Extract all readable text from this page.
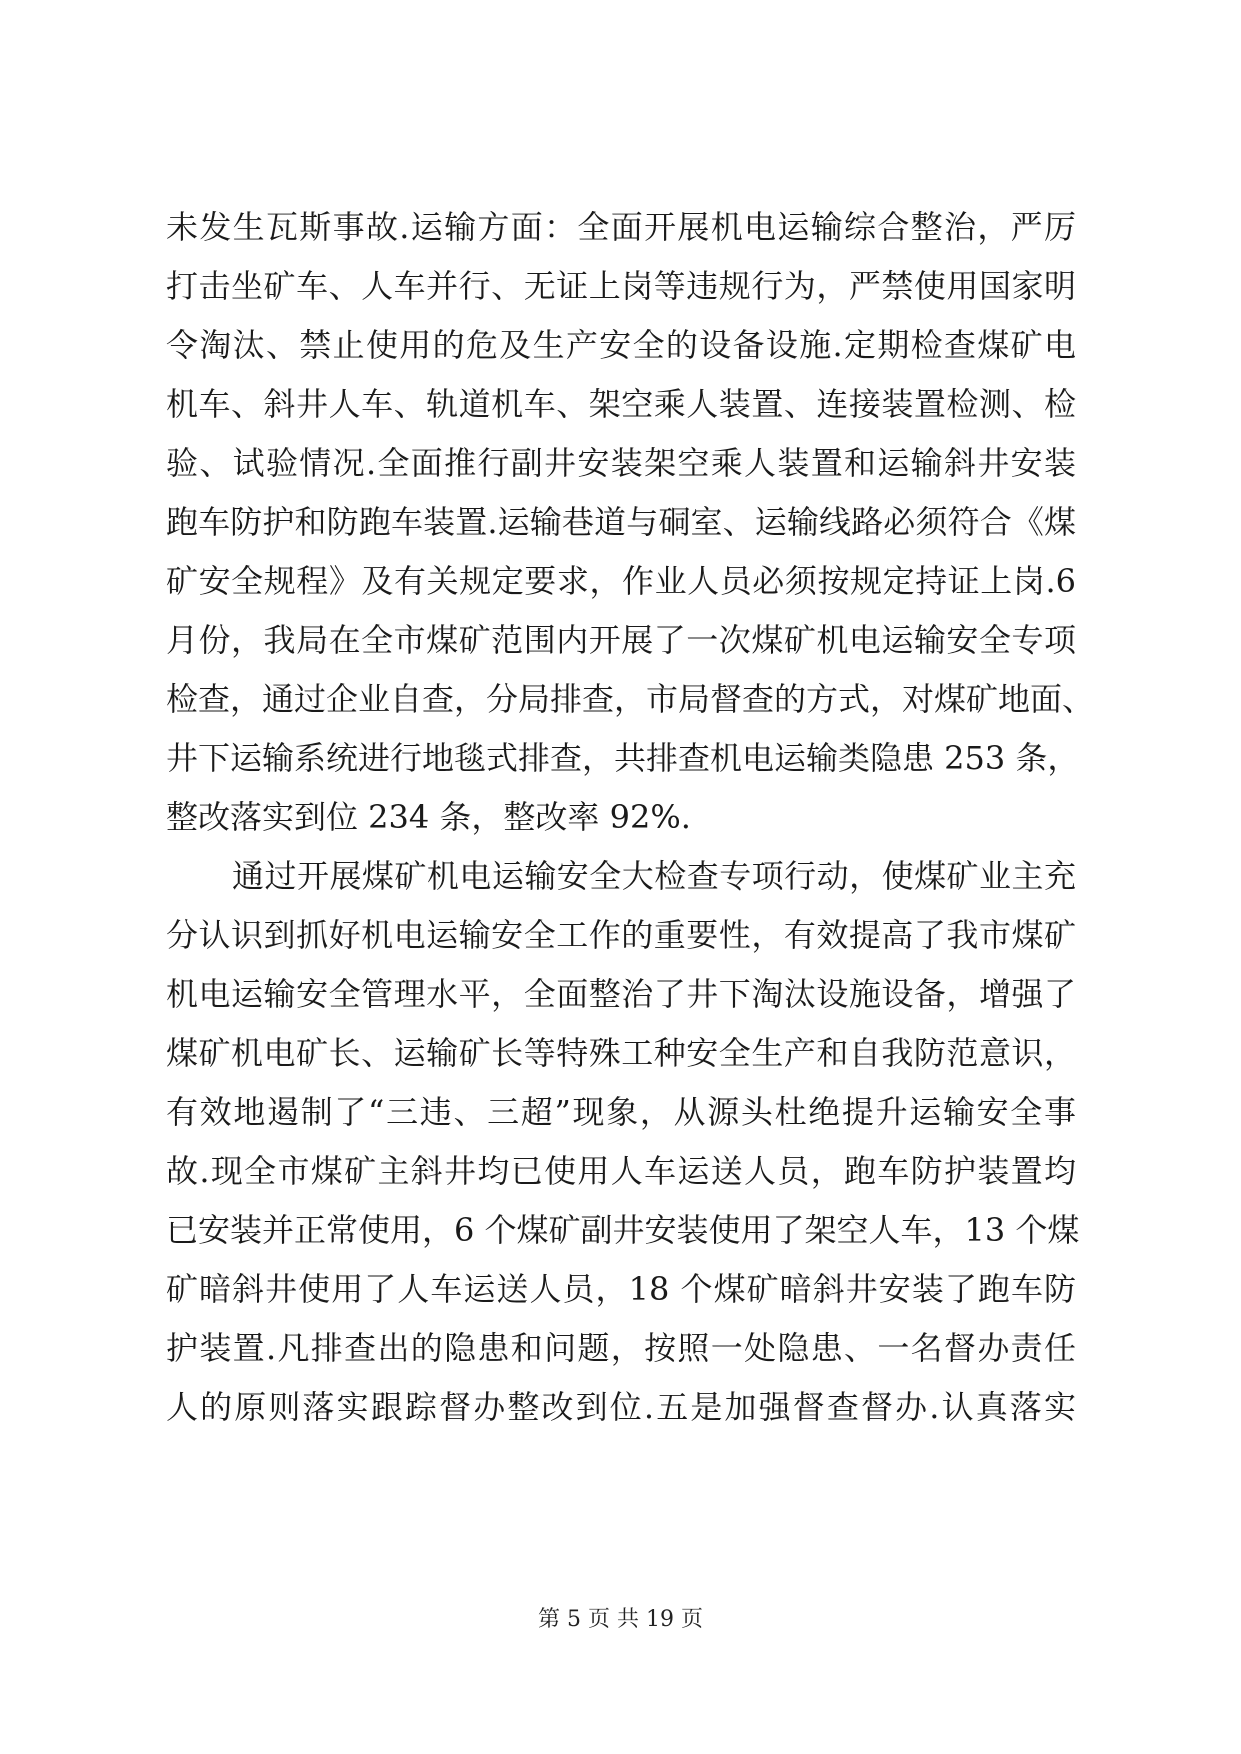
未发生瓦斯事故.运输方面：全面开展机电运输综合整治，严厉
打击坐矿车、人车并行、无证上岗等违规行为，严禁使用国家明
令淘汰、禁止使用的危及生产安全的设备设施.定期检查煤矿电
机车、斜井人车、轨道机车、架空乘人装置、连接装置检测、检
验、试验情况.全面推行副井安装架空乘人装置和运输斜井安装
跑车防护和防跑车装置.运输巷道与硐室、运输线路必须符合《煤
矿安全规程》及有关规定要求，作业人员必须按规定持证上岗.6
月份，我局在全市煤矿范围内开展了一次煤矿机电运输安全专项
检查，通过企业自查，分局排查，市局督查的方式，对煤矿地面、
井下运输系统进行地毯式排查，共排查机电运输类隐患 253 条，
整改落实到位 234 条，整改率 92%.
通过开展煤矿机电运输安全大检查专项行动，使煤矿业主充
分认识到抓好机电运输安全工作的重要性，有效提高了我市煤矿
机电运输安全管理水平，全面整治了井下淘汰设施设备，增强了
煤矿机电矿长、运输矿长等特殊工种安全生产和自我防范意识，
有效地遏制了“三违、三超”现象，从源头杜绝提升运输安全事
故.现全市煤矿主斜井均已使用人车运送人员，跑车防护装置均
已安装并正常使用，6 个煤矿副井安装使用了架空人车，13 个煤
矿暗斜井使用了人车运送人员，18 个煤矿暗斜井安装了跑车防
护装置.凡排查出的隐患和问题，按照一处隐患、一名督办责任
人的原则落实跟踪督办整改到位.五是加强督查督办.认真落实
第 5 页 共 19 页
